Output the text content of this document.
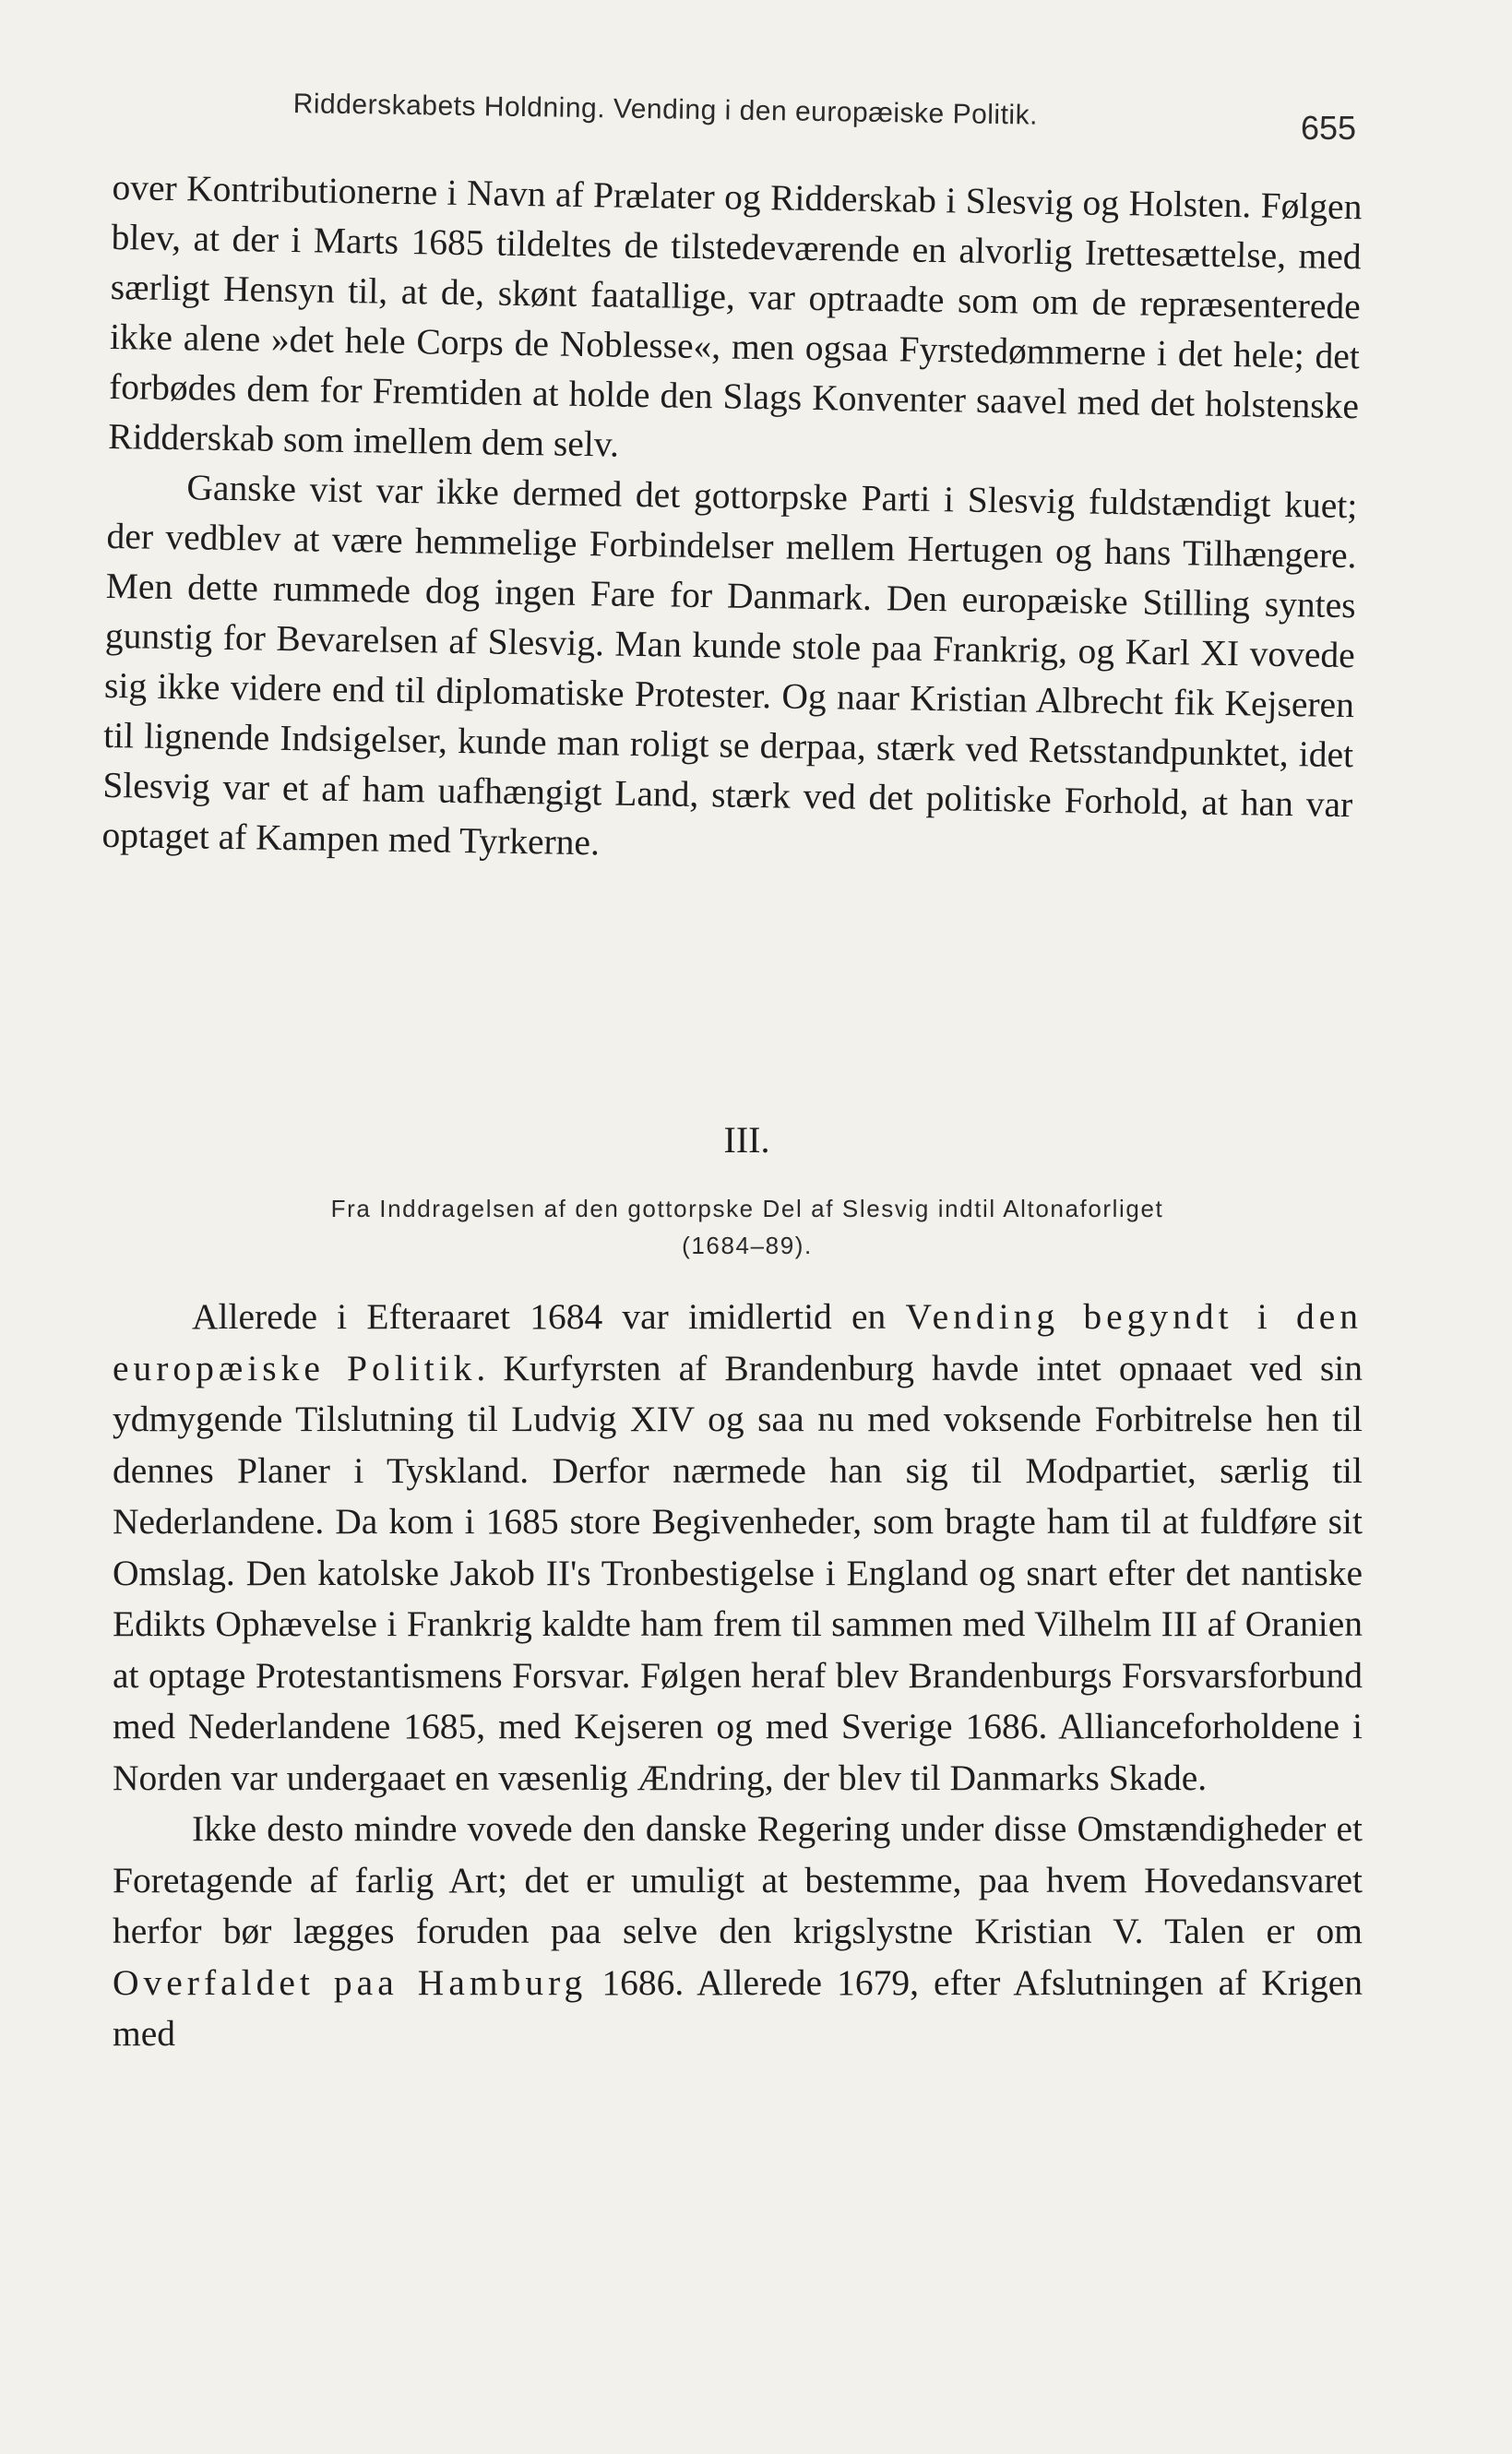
Ridderskabets Holdning. Vending i den europæiske Politik.	655

over Kontributionerne i Navn af Prælater og Ridderskab i Slesvig og Holsten. Følgen blev, at der i Marts 1685 tildeltes de tilstedeværende en alvorlig Irettesættelse, med særligt Hensyn til, at de, skønt faatallige, var optraadte som om de repræsenterede ikke alene »det hele Corps de Noblesse«, men ogsaa Fyrstedømmerne i det hele; det forbødes dem for Fremtiden at holde den Slags Konventer saavel med det holstenske Ridderskab som imellem dem selv.

Ganske vist var ikke dermed det gottorpske Parti i Slesvig fuldstændigt kuet; der vedblev at være hemmelige Forbindelser mellem Hertugen og hans Tilhængere. Men dette rummede dog ingen Fare for Danmark. Den europæiske Stilling syntes gunstig for Bevarelsen af Slesvig. Man kunde stole paa Frankrig, og Karl XI vovede sig ikke videre end til diplomatiske Protester. Og naar Kristian Albrecht fik Kejseren til lignende Indsigelser, kunde man roligt se derpaa, stærk ved Retsstandpunktet, idet Slesvig var et af ham uafhængigt Land, stærk ved det politiske Forhold, at han var optaget af Kampen med Tyrkerne.

III.
Fra Inddragelsen af den gottorpske Del af Slesvig indtil Altonaforliget
(1684–89).

Allerede i Efteraaret 1684 var imidlertid en Vending begyndt i den europæiske Politik. Kurfyrsten af Brandenburg havde intet opnaaet ved sin ydmygende Tilslutning til Ludvig XIV og saa nu med voksende Forbitrelse hen til dennes Planer i Tyskland. Derfor nærmede han sig til Modpartiet, særlig til Nederlandene. Da kom i 1685 store Begivenheder, som bragte ham til at fuldføre sit Omslag. Den katolske Jakob II's Tronbestigelse i England og snart efter det nantiske Edikts Ophævelse i Frankrig kaldte ham frem til sammen med Vilhelm III af Oranien at optage Protestantismens Forsvar. Følgen heraf blev Brandenburgs Forsvarsforbund med Nederlandene 1685, med Kejseren og med Sverige 1686. Allianceforholdene i Norden var undergaaet en væsenlig Ændring, der blev til Danmarks Skade.

Ikke desto mindre vovede den danske Regering under disse Omstændigheder et Foretagende af farlig Art; det er umuligt at bestemme, paa hvem Hovedansvaret herfor bør lægges foruden paa selve den krigslystne Kristian V. Talen er om Overfaldet paa Hamburg 1686. Allerede 1679, efter Afslutningen af Krigen med
